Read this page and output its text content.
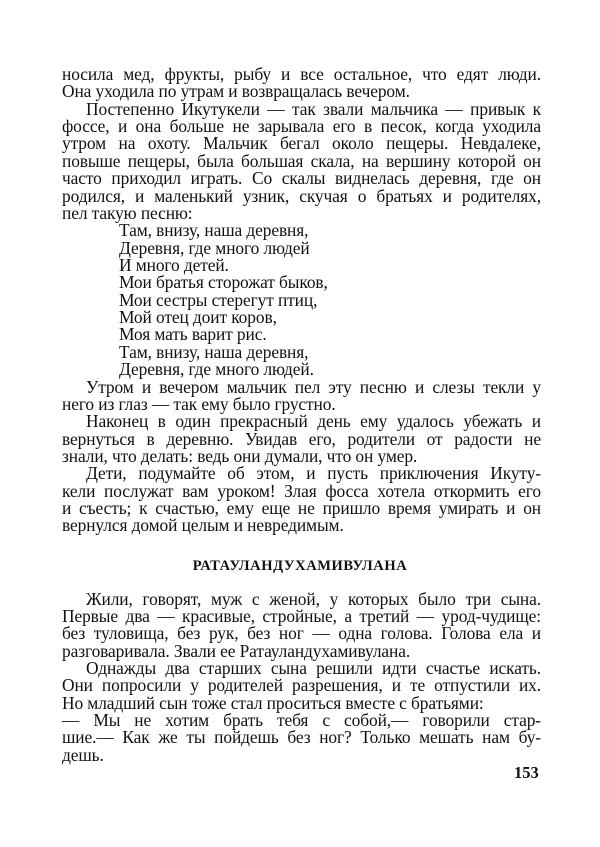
носила мед, фрукты, рыбу и все остальное, что едят люди.
Она уходила по утрам и возвращалась вечером.
Постепенно Икутукели — так звали мальчика — привык к
фоссе, и она больше не зарывала его в песок, когда уходила
утром на охоту. Мальчик бегал около пещеры. Невдалеке,
повыше пещеры, была большая скала, на вершину которой он
часто приходил играть. Со скалы виднелась деревня, где он
родился, и маленький узник, скучая о братьях и родителях,
пел такую песню:
Там, внизу, наша деревня,
Деревня, где много людей
И много детей.
Мои братья сторожат быков,
Мои сестры стерегут птиц,
Мой отец доит коров,
Моя мать варит рис.
Там, внизу, наша деревня,
Деревня, где много людей.
Утром и вечером мальчик пел эту песню и слезы текли у
него из глаз — так ему было грустно.
Наконец в один прекрасный день ему удалось убежать и
вернуться в деревню. Увидав его, родители от радости не
знали, что делать: ведь они думали, что он умер.
Дети, подумайте об этом, и пусть приключения Икуту-
кели послужат вам уроком! Злая фосса хотела откормить его
и съесть; к счастью, ему еще не пришло время умирать и он
вернулся домой целым и невредимым.
РАТАУЛАНДУХАМИВУЛАНА
Жили, говорят, муж с женой, у которых было три сына.
Первые два — красивые, стройные, а третий — урод-чудище:
без туловища, без рук, без ног — одна голова. Голова ела и
разговаривала. Звали ее Ратауландухамивулана.
Однажды два старших сына решили идти счастье искать.
Они попросили у родителей разрешения, и те отпустили их.
Но младший сын тоже стал проситься вместе с братьями:
— Мы не хотим брать тебя с собой,— говорили стар-
шие.— Как же ты пойдешь без ног? Только мешать нам бу-
дешь.
153
